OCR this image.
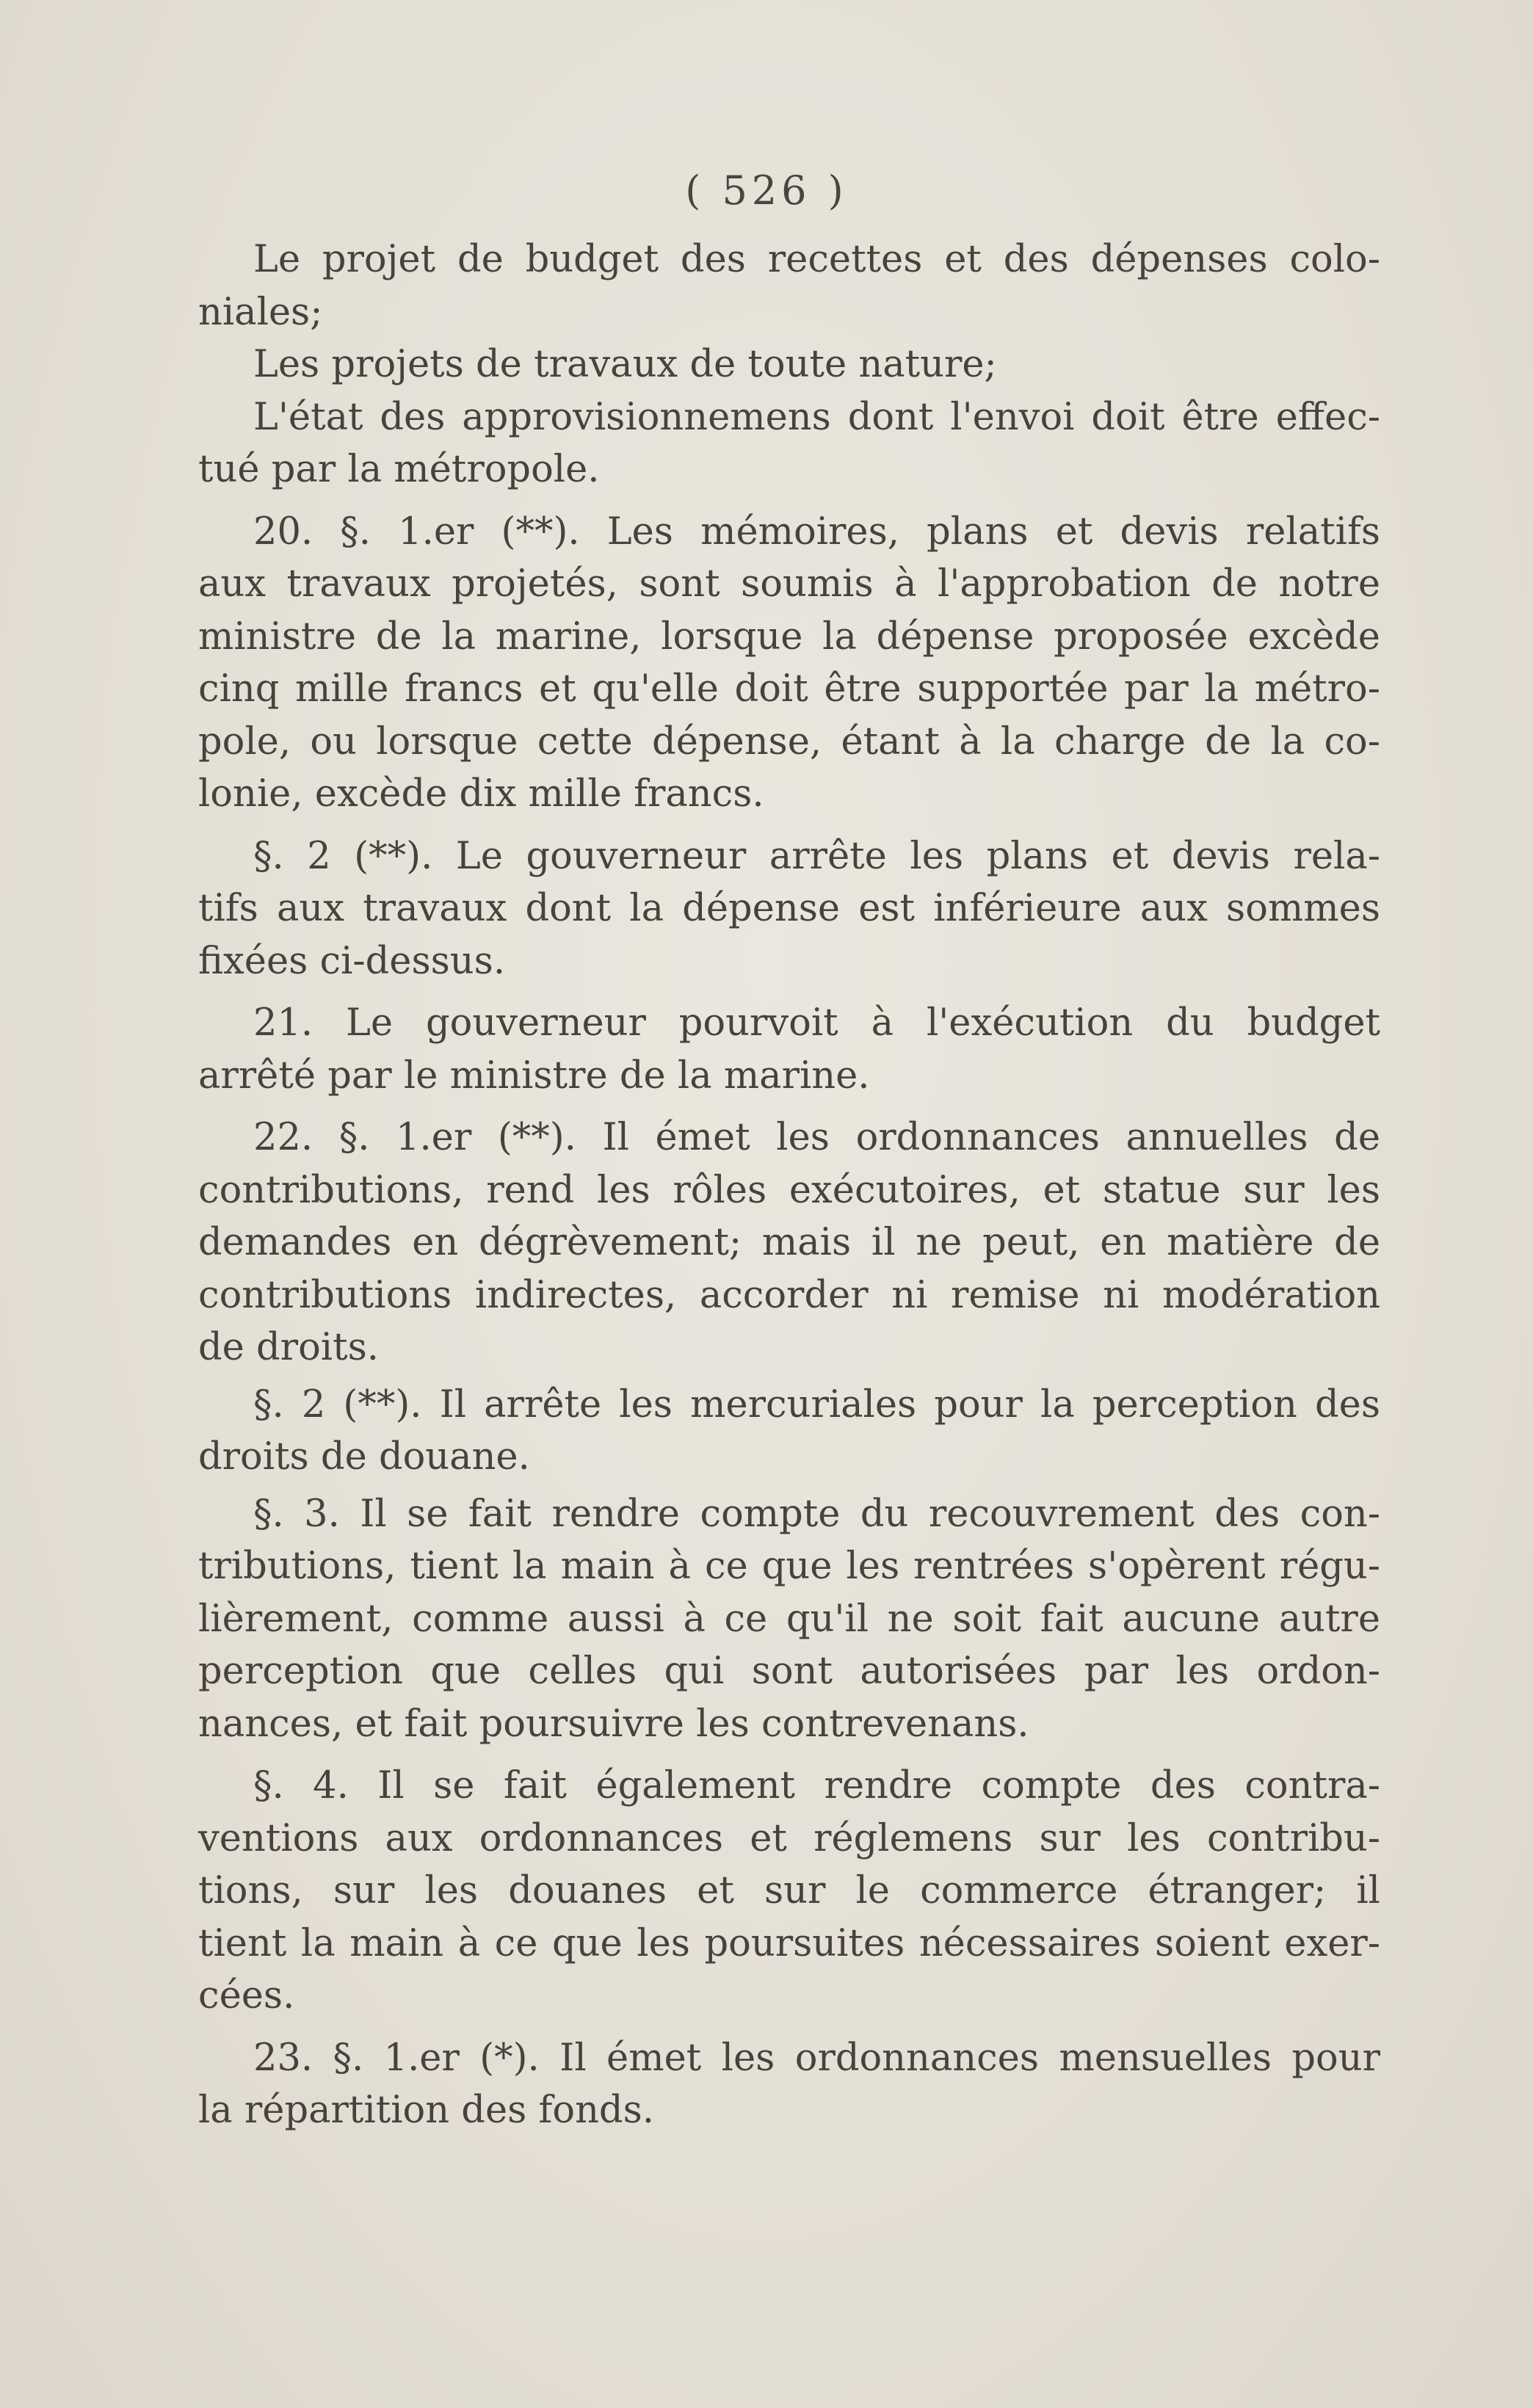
( 526 )
Le projet de budget des recettes et des dépenses colo-
niales;
Les projets de travaux de toute nature;
L'état des approvisionnemens dont l'envoi doit être effec-
tué par la métropole.
20. §. 1.er (**). Les mémoires, plans et devis relatifs
aux travaux projetés, sont soumis à l'approbation de notre
ministre de la marine, lorsque la dépense proposée excède
cinq mille francs et qu'elle doit être supportée par la métro-
pole, ou lorsque cette dépense, étant à la charge de la co-
lonie, excède dix mille francs.
§. 2 (**). Le gouverneur arrête les plans et devis rela-
tifs aux travaux dont la dépense est inférieure aux sommes
fixées ci-dessus.
21. Le gouverneur pourvoit à l'exécution du budget
arrêté par le ministre de la marine.
22. §. 1.er (**). Il émet les ordonnances annuelles de
contributions, rend les rôles exécutoires, et statue sur les
demandes en dégrèvement; mais il ne peut, en matière de
contributions indirectes, accorder ni remise ni modération
de droits.
§. 2 (**). Il arrête les mercuriales pour la perception des
droits de douane.
§. 3. Il se fait rendre compte du recouvrement des con-
tributions, tient la main à ce que les rentrées s'opèrent régu-
lièrement, comme aussi à ce qu'il ne soit fait aucune autre
perception que celles qui sont autorisées par les ordon-
nances, et fait poursuivre les contrevenans.
§. 4. Il se fait également rendre compte des contra-
ventions aux ordonnances et réglemens sur les contribu-
tions, sur les douanes et sur le commerce étranger; il
tient la main à ce que les poursuites nécessaires soient exer-
cées.
23. §. 1.er (*). Il émet les ordonnances mensuelles pour
la répartition des fonds.
